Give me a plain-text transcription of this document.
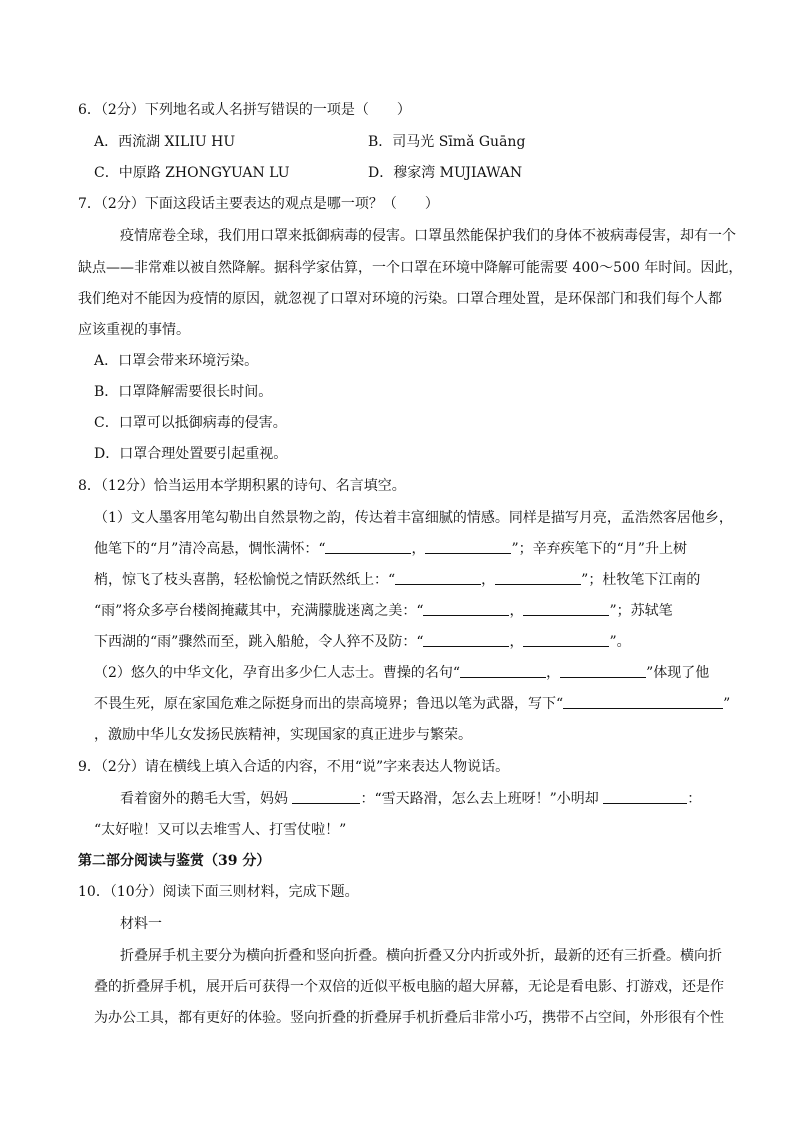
6．（2分）下列地名或人名拼写错误的一项是（　　）
A．西流湖 XILIU HU	B．司马光 Sīmǎ Guāng
C．中原路 ZHONGYUAN LU	D．穆家湾 MUJIAWAN
7．（2分）下面这段话主要表达的观点是哪一项？（　　）
疫情席卷全球，我们用口罩来抵御病毒的侵害。口罩虽然能保护我们的身体不被病毒侵害，却有一个
缺点——非常难以被自然降解。据科学家估算，一个口罩在环境中降解可能需要 400～500 年时间。因此，
我们绝对不能因为疫情的原因，就忽视了口罩对环境的污染。口罩合理处置，是环保部门和我们每个人都
应该重视的事情。
A．口罩会带来环境污染。
B．口罩降解需要很长时间。
C．口罩可以抵御病毒的侵害。
D．口罩合理处置要引起重视。
8．（12分）恰当运用本学期积累的诗句、名言填空。
（1）文人墨客用笔勾勒出自然景物之韵，传达着丰富细腻的情感。同样是描写月亮，孟浩然客居他乡，
他笔下的“月”清冷高悬，惆怅满怀：“	，	”；辛弃疾笔下的“月”升上树
梢，惊飞了枝头喜鹊，轻松愉悦之情跃然纸上：“	，	”；杜牧笔下江南的
“雨”将众多亭台楼阁掩藏其中，充满朦胧迷离之美：“	，	”；苏轼笔
下西湖的“雨”骤然而至，跳入船舱，令人猝不及防：“	，	”。
（2）悠久的中华文化，孕育出多少仁人志士。曹操的名句“	，	”体现了他
不畏生死，原在家国危难之际挺身而出的崇高境界；鲁迅以笔为武器，写下“	”
，激励中华儿女发扬民族精神，实现国家的真正进步与繁荣。
9．（2分）请在横线上填入合适的内容，不用“说”字来表达人物说话。
看着窗外的鹅毛大雪，妈妈	：“雪天路滑，怎么去上班呀！”小明却	：
“太好啦！又可以去堆雪人、打雪仗啦！”
第二部分阅读与鉴赏（39 分）
10．（10分）阅读下面三则材料，完成下题。
材料一
折叠屏手机主要分为横向折叠和竖向折叠。横向折叠又分内折或外折，最新的还有三折叠。横向折
叠的折叠屏手机，展开后可获得一个双倍的近似平板电脑的超大屏幕，无论是看电影、打游戏，还是作
为办公工具，都有更好的体验。竖向折叠的折叠屏手机折叠后非常小巧，携带不占空间，外形很有个性
